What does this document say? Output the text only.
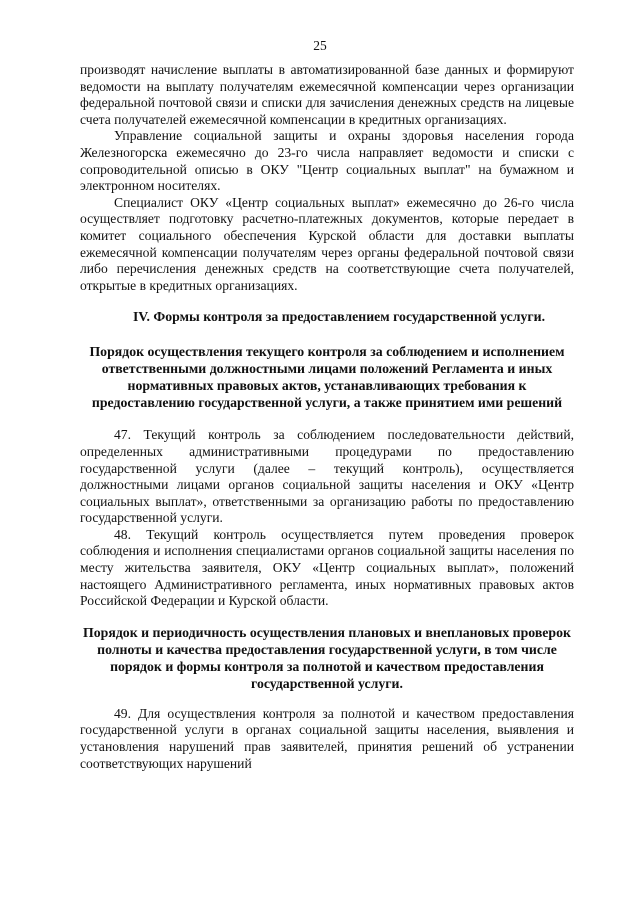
25

производят начисление выплаты в автоматизированной базе данных и формируют ведомости на выплату получателям ежемесячной компенсации через организации федеральной почтовой связи и списки для зачисления денежных средств на лицевые счета получателей ежемесячной компенсации в кредитных организациях.

Управление социальной защиты и охраны здоровья населения города Железногорска ежемесячно до 23-го числа направляет ведомости и списки с сопроводительной описью в ОКУ "Центр социальных выплат" на бумажном и электронном носителях.

Специалист ОКУ «Центр социальных выплат» ежемесячно до 26-го числа осуществляет подготовку расчетно-платежных документов, которые передает в комитет социального обеспечения Курской области для доставки выплаты ежемесячной компенсации получателям через органы федеральной почтовой связи либо перечисления денежных средств на соответствующие счета получателей, открытые в кредитных организациях.

IV. Формы контроля за предоставлением государственной услуги.
Порядок осуществления текущего контроля за соблюдением и исполнением ответственными должностными лицами положений Регламента и иных нормативных правовых актов, устанавливающих требования к предоставлению государственной услуги, а также принятием ими решений

47. Текущий контроль за соблюдением последовательности действий, определенных административными процедурами по предоставлению государственной услуги (далее – текущий контроль), осуществляется должностными лицами органов социальной защиты населения и ОКУ «Центр социальных выплат», ответственными за организацию работы по предоставлению государственной услуги.

48. Текущий контроль осуществляется путем проведения проверок соблюдения и исполнения специалистами органов социальной защиты населения по месту жительства заявителя, ОКУ «Центр социальных выплат», положений настоящего Административного регламента, иных нормативных правовых актов Российской Федерации и Курской области.

Порядок и периодичность осуществления плановых и внеплановых проверок полноты и качества предоставления государственной услуги, в том числе порядок и формы контроля за полнотой и качеством предоставления государственной услуги.

49. Для осуществления контроля за полнотой и качеством предоставления государственной услуги в органах социальной защиты населения, выявления и установления нарушений прав заявителей, принятия решений об устранении соответствующих нарушений
